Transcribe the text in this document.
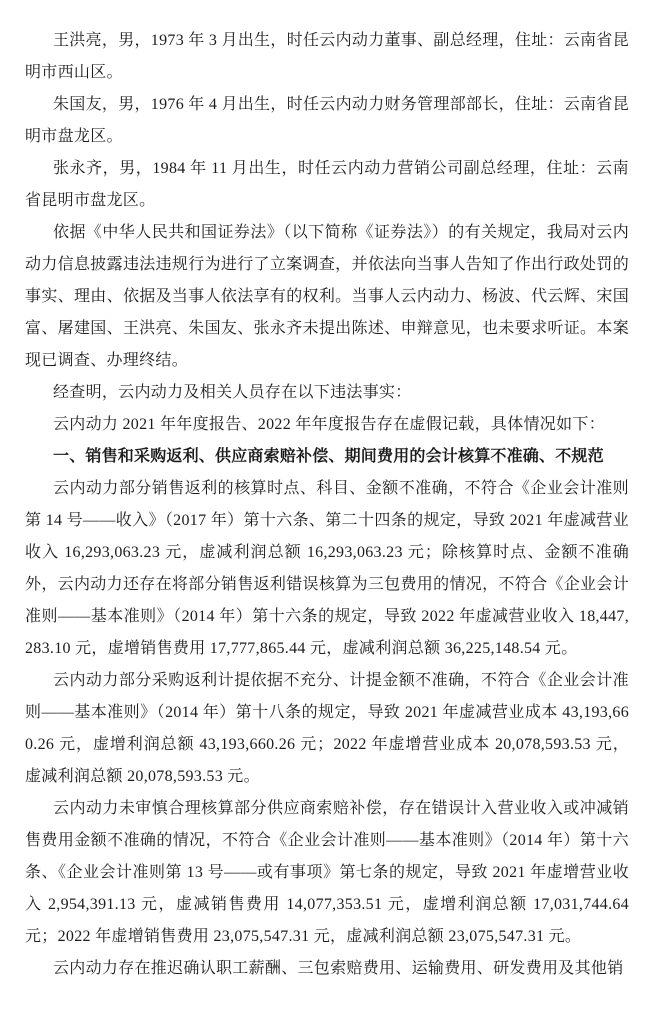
王洪亮，男，1973 年 3 月出生，时任云内动力董事、副总经理，住址：云南省昆明市西山区。

朱国友，男，1976 年 4 月出生，时任云内动力财务管理部部长，住址：云南省昆明市盘龙区。

张永齐，男，1984 年 11 月出生，时任云内动力营销公司副总经理，住址：云南省昆明市盘龙区。

依据《中华人民共和国证券法》（以下简称《证券法》）的有关规定，我局对云内动力信息披露违法违规行为进行了立案调查，并依法向当事人告知了作出行政处罚的事实、理由、依据及当事人依法享有的权利。当事人云内动力、杨波、代云辉、宋国富、屠建国、王洪亮、朱国友、张永齐未提出陈述、申辩意见，也未要求听证。本案现已调查、办理终结。

经查明，云内动力及相关人员存在以下违法事实：

云内动力 2021 年年度报告、2022 年年度报告存在虚假记载，具体情况如下：

一、销售和采购返利、供应商索赔补偿、期间费用的会计核算不准确、不规范

云内动力部分销售返利的核算时点、科目、金额不准确，不符合《企业会计准则第 14 号——收入》（2017 年）第十六条、第二十四条的规定，导致 2021 年虚减营业收入 16,293,063.23 元，虚减利润总额 16,293,063.23 元；除核算时点、金额不准确外，云内动力还存在将部分销售返利错误核算为三包费用的情况，不符合《企业会计准则——基本准则》（2014 年）第十六条的规定，导致 2022 年虚减营业收入 18,447,283.10 元，虚增销售费用 17,777,865.44 元，虚减利润总额 36,225,148.54 元。

云内动力部分采购返利计提依据不充分、计提金额不准确，不符合《企业会计准则——基本准则》（2014 年）第十八条的规定，导致 2021 年虚减营业成本 43,193,660.26 元，虚增利润总额 43,193,660.26 元；2022 年虚增营业成本 20,078,593.53 元，虚减利润总额 20,078,593.53 元。

云内动力未审慎合理核算部分供应商索赔补偿，存在错误计入营业收入或冲减销售费用金额不准确的情况，不符合《企业会计准则——基本准则》（2014 年）第十六条、《企业会计准则第 13 号——或有事项》第七条的规定，导致 2021 年虚增营业收入 2,954,391.13 元，虚减销售费用 14,077,353.51 元，虚增利润总额 17,031,744.64 元；2022 年虚增销售费用 23,075,547.31 元，虚减利润总额 23,075,547.31 元。

云内动力存在推迟确认职工薪酬、三包索赔费用、运输费用、研发费用及其他销
